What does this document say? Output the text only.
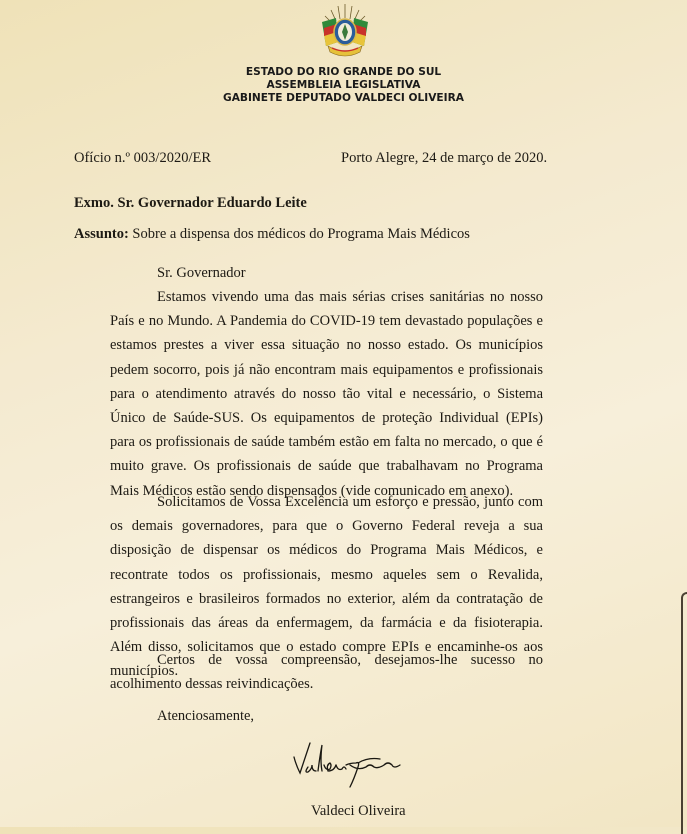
ESTADO DO RIO GRANDE DO SUL
ASSEMBLEIA LEGISLATIVA
GABINETE DEPUTADO VALDECI OLIVEIRA
Ofício n.º 003/2020/ER	Porto Alegre, 24 de março de 2020.
Exmo. Sr. Governador Eduardo Leite
Assunto: Sobre a dispensa dos médicos do Programa Mais Médicos
Sr. Governador
Estamos vivendo uma das mais sérias crises sanitárias no nosso País e no Mundo. A Pandemia do COVID-19 tem devastado populações e estamos prestes a viver essa situação no nosso estado. Os municípios pedem socorro, pois já não encontram mais equipamentos e profissionais para o atendimento através do nosso tão vital e necessário, o Sistema Único de Saúde-SUS. Os equipamentos de proteção Individual (EPIs) para os profissionais de saúde também estão em falta no mercado, o que é muito grave. Os profissionais de saúde que trabalhavam no Programa Mais Médicos estão sendo dispensados (vide comunicado em anexo).
Solicitamos de Vossa Excelência um esforço e pressão, junto com os demais governadores, para que o Governo Federal reveja a sua disposição de dispensar os médicos do Programa Mais Médicos, e recontrate todos os profissionais, mesmo aqueles sem o Revalida, estrangeiros e brasileiros formados no exterior, além da contratação de profissionais das áreas da enfermagem, da farmácia e da fisioterapia. Além disso, solicitamos que o estado compre EPIs e encaminhe-os aos municípios.
Certos de vossa compreensão, desejamos-lhe sucesso no acolhimento dessas reivindicações.
Atenciosamente,
Valdeci Oliveira
